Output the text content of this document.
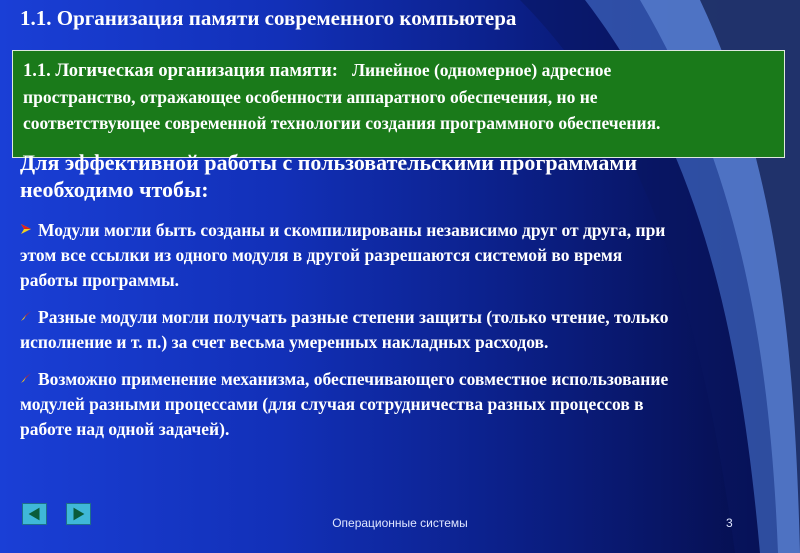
1.1. Организация памяти современного компьютера
1.1. Логическая организация памяти: Линейное (одномерное) адресное
пространство, отражающее особенности аппаратного обеспечения, но не
соответствующее современной технологии создания программного обеспечения.
Для эффективной работы с пользовательскими программами
необходимо чтобы:
Модули могли быть созданы и скомпилированы независимо друг от друга, при
этом все ссылки из одного модуля в другой разрешаются системой во время
работы программы.
Разные модули могли получать разные степени защиты (только чтение, только
исполнение и т. п.) за счет весьма умеренных накладных расходов.
Возможно применение механизма, обеспечивающего совместное использование
модулей разными процессами (для случая сотрудничества разных процессов в
работе над одной задачей).
Операционные системы	3
